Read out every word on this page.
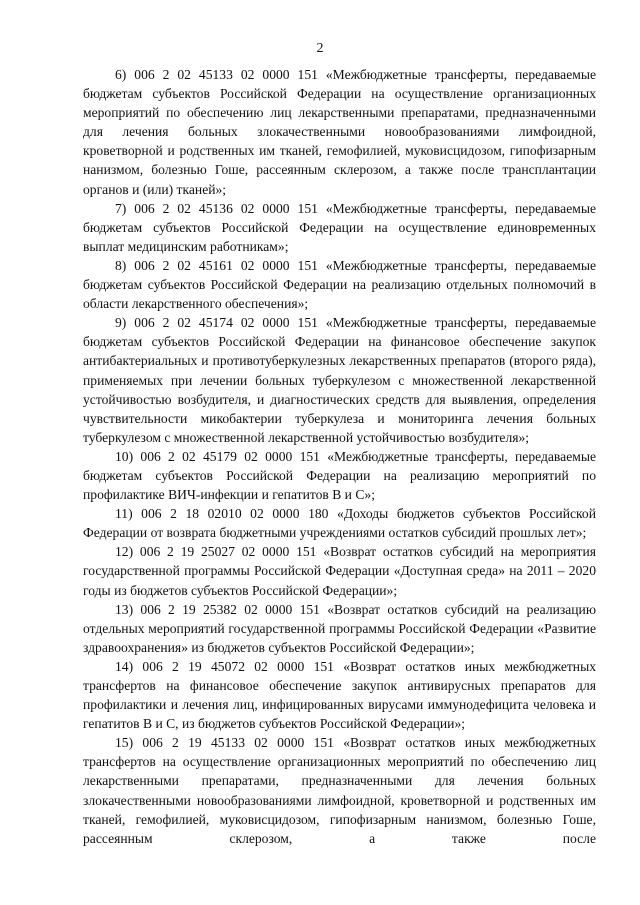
2

6) 006 2 02 45133 02 0000 151 «Межбюджетные трансферты, передаваемые бюджетам субъектов Российской Федерации на осуществление организационных мероприятий по обеспечению лиц лекарственными препаратами, предназначенными для лечения больных злокачественными новообразованиями лимфоидной, кроветворной и родственных им тканей, гемофилией, муковисцидозом, гипофизарным нанизмом, болезнью Гоше, рассеянным склерозом, а также после трансплантации органов и (или) тканей»;

7) 006 2 02 45136 02 0000 151 «Межбюджетные трансферты, передаваемые бюджетам субъектов Российской Федерации на осуществление единовременных выплат медицинским работникам»;

8) 006 2 02 45161 02 0000 151 «Межбюджетные трансферты, передаваемые бюджетам субъектов Российской Федерации на реализацию отдельных полномочий в области лекарственного обеспечения»;

9) 006 2 02 45174 02 0000 151 «Межбюджетные трансферты, передаваемые бюджетам субъектов Российской Федерации на финансовое обеспечение закупок антибактериальных и противотуберкулезных лекарственных препаратов (второго ряда), применяемых при лечении больных туберкулезом с множественной лекарственной устойчивостью возбудителя, и диагностических средств для выявления, определения чувствительности микобактерии туберкулеза и мониторинга лечения больных туберкулезом с множественной лекарственной устойчивостью возбудителя»;

10) 006 2 02 45179 02 0000 151 «Межбюджетные трансферты, передаваемые бюджетам субъектов Российской Федерации на реализацию мероприятий по профилактике ВИЧ-инфекции и гепатитов В и С»;

11) 006 2 18 02010 02 0000 180 «Доходы бюджетов субъектов Российской Федерации от возврата бюджетными учреждениями остатков субсидий прошлых лет»;

12) 006 2 19 25027 02 0000 151 «Возврат остатков субсидий на мероприятия государственной программы Российской Федерации «Доступная среда» на 2011 – 2020 годы из бюджетов субъектов Российской Федерации»;

13) 006 2 19 25382 02 0000 151 «Возврат остатков субсидий на реализацию отдельных мероприятий государственной программы Российской Федерации «Развитие здравоохранения» из бюджетов субъектов Российской Федерации»;

14) 006 2 19 45072 02 0000 151 «Возврат остатков иных межбюджетных трансфертов на финансовое обеспечение закупок антивирусных препаратов для профилактики и лечения лиц, инфицированных вирусами иммунодефицита человека и гепатитов В и С, из бюджетов субъектов Российской Федерации»;

15) 006 2 19 45133 02 0000 151 «Возврат остатков иных межбюджетных трансфертов на осуществление организационных мероприятий по обеспечению лиц лекарственными препаратами, предназначенными для лечения больных злокачественными новообразованиями лимфоидной, кроветворной и родственных им тканей, гемофилией, муковисцидозом, гипофизарным нанизмом, болезнью Гоше, рассеянным склерозом, а также после
